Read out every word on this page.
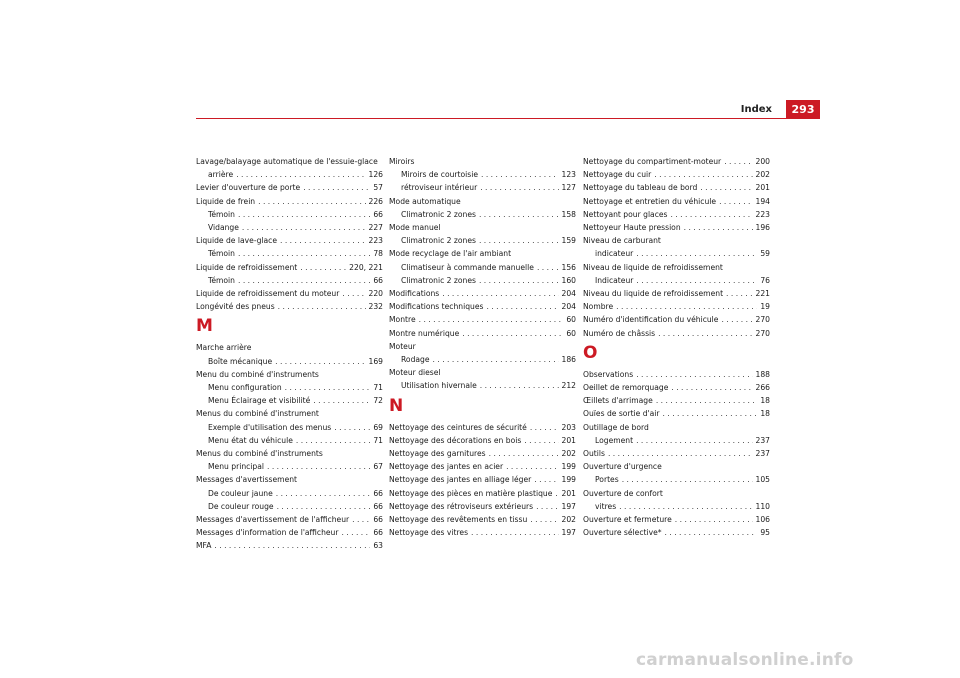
Index	293
Lavage/balayage automatique de l'essuie-glace
arrière . . .	126
Levier d'ouverture de porte . . .	57
Liquide de frein . . .	226
Témoin . . .	66
Vidange . . .	227
Liquide de lave-glace . . .	223
Témoin . . .	78
Liquide de refroidissement . . .	220, 221
Témoin . . .	66
Liquide de refroidissement du moteur . . .	220
Longévité des pneus . . .	232
M
Marche arrière
Boîte mécanique . . .	169
Menu du combiné d'instruments
Menu configuration . . .	71
Menu Éclairage et visibilité . . .	72
Menus du combiné d'instrument
Exemple d'utilisation des menus . . .	69
Menu état du véhicule . . .	71
Menus du combiné d'instruments
Menu principal . . .	67
Messages d'avertissement
De couleur jaune . . .	66
De couleur rouge . . .	66
Messages d'avertissement de l'afficheur . . .	66
Messages d'information de l'afficheur . . .	66
MFA . . .	63
Miroirs
Miroirs de courtoisie . . .	123
rétroviseur intérieur . . .	127
Mode automatique
Climatronic 2 zones . . .	158
Mode manuel
Climatronic 2 zones . . .	159
Mode recyclage de l'air ambiant
Climatiseur à commande manuelle . . .	156
Climatronic 2 zones . . .	160
Modifications . . .	204
Modifications techniques . . .	204
Montre . . .	60
Montre numérique . . .	60
Moteur
Rodage . . .	186
Moteur diesel
Utilisation hivernale . . .	212
N
Nettoyage des ceintures de sécurité . . .	203
Nettoyage des décorations en bois . . .	201
Nettoyage des garnitures . . .	202
Nettoyage des jantes en acier . . .	199
Nettoyage des jantes en alliage léger . . .	199
Nettoyage des pièces en matière plastique . . . 201
Nettoyage des rétroviseurs extérieurs . . .	197
Nettoyage des revêtements en tissu . . .	202
Nettoyage des vitres . . .	197
Nettoyage du compartiment-moteur . . .	200
Nettoyage du cuir . . .	202
Nettoyage du tableau de bord . . .	201
Nettoyage et entretien du véhicule . . .	194
Nettoyant pour glaces . . .	223
Nettoyeur Haute pression . . .	196
Niveau de carburant
indicateur . . .	59
Niveau de liquide de refroidissement
Indicateur . . .	76
Niveau du liquide de refroidissement . . .	221
Nombre . . .	19
Numéro d'identification du véhicule . . .	270
Numéro de châssis . . .	270
O
Observations . . .	188
Oeillet de remorquage . . .	266
Œillets d'arrimage . . .	18
Ouïes de sortie d'air . . .	18
Outillage de bord
Logement . . .	237
Outils . . .	237
Ouverture d'urgence
Portes . . .	105
Ouverture de confort
vitres . . .	110
Ouverture et fermeture . . .	106
Ouverture sélective* . . .	95
carmanualsonline.info
